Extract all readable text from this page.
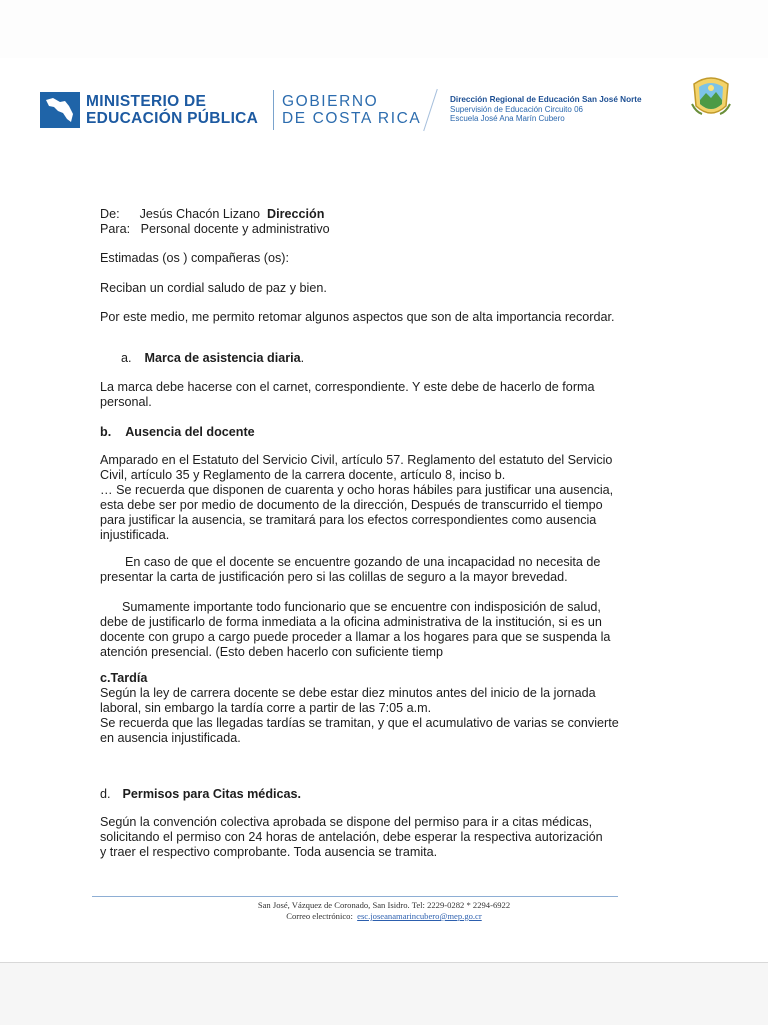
MINISTERIO DE
EDUCACIÓN PÚBLICA
GOBIERNO
DE COSTA RICA
Dirección Regional de Educación San José Norte
Supervisión de Educación Circuito 06
Escuela José Ana Marín Cubero
De: Jesús Chacón Lizano Dirección
Para: Personal docente y administrativo
Estimadas (os ) compañeras (os):
Reciban un cordial saludo de paz y bien.
Por este medio, me permito retomar algunos aspectos que son de alta importancia recordar.
a. Marca de asistencia diaria.
La marca debe hacerse con el carnet, correspondiente. Y este debe de hacerlo de forma
personal.
b. Ausencia del docente
Amparado en el Estatuto del Servicio Civil, artículo 57. Reglamento del estatuto del Servicio
Civil, artículo 35 y Reglamento de la carrera docente, artículo 8, inciso b.
… Se recuerda que disponen de cuarenta y ocho horas hábiles para justificar una ausencia,
esta debe ser por medio de documento de la dirección, Después de transcurrido el tiempo
para justificar la ausencia, se tramitará para los efectos correspondientes como ausencia
injustificada.
En caso de que el docente se encuentre gozando de una incapacidad no necesita de
presentar la carta de justificación pero si las colillas de seguro a la mayor brevedad.
Sumamente importante todo funcionario que se encuentre con indisposición de salud,
debe de justificarlo de forma inmediata a la oficina administrativa de la institución, si es un
docente con grupo a cargo puede proceder a llamar a los hogares para que se suspenda la
atención presencial. (Esto deben hacerlo con suficiente tiemp
c.Tardía
Según la ley de carrera docente se debe estar diez minutos antes del inicio de la jornada
laboral, sin embargo la tardía corre a partir de las 7:05 a.m.
Se recuerda que las llegadas tardías se tramitan, y que el acumulativo de varias se convierte
en ausencia injustificada.
d. Permisos para Citas médicas.
Según la convención colectiva aprobada se dispone del permiso para ir a citas médicas,
solicitando el permiso con 24 horas de antelación, debe esperar la respectiva autorización
y traer el respectivo comprobante. Toda ausencia se tramita.
San José, Vázquez de Coronado, San Isidro. Tel: 2229-0282 * 2294-6922
Correo electrónico: esc.joseanamarincubero@mep.go.cr
